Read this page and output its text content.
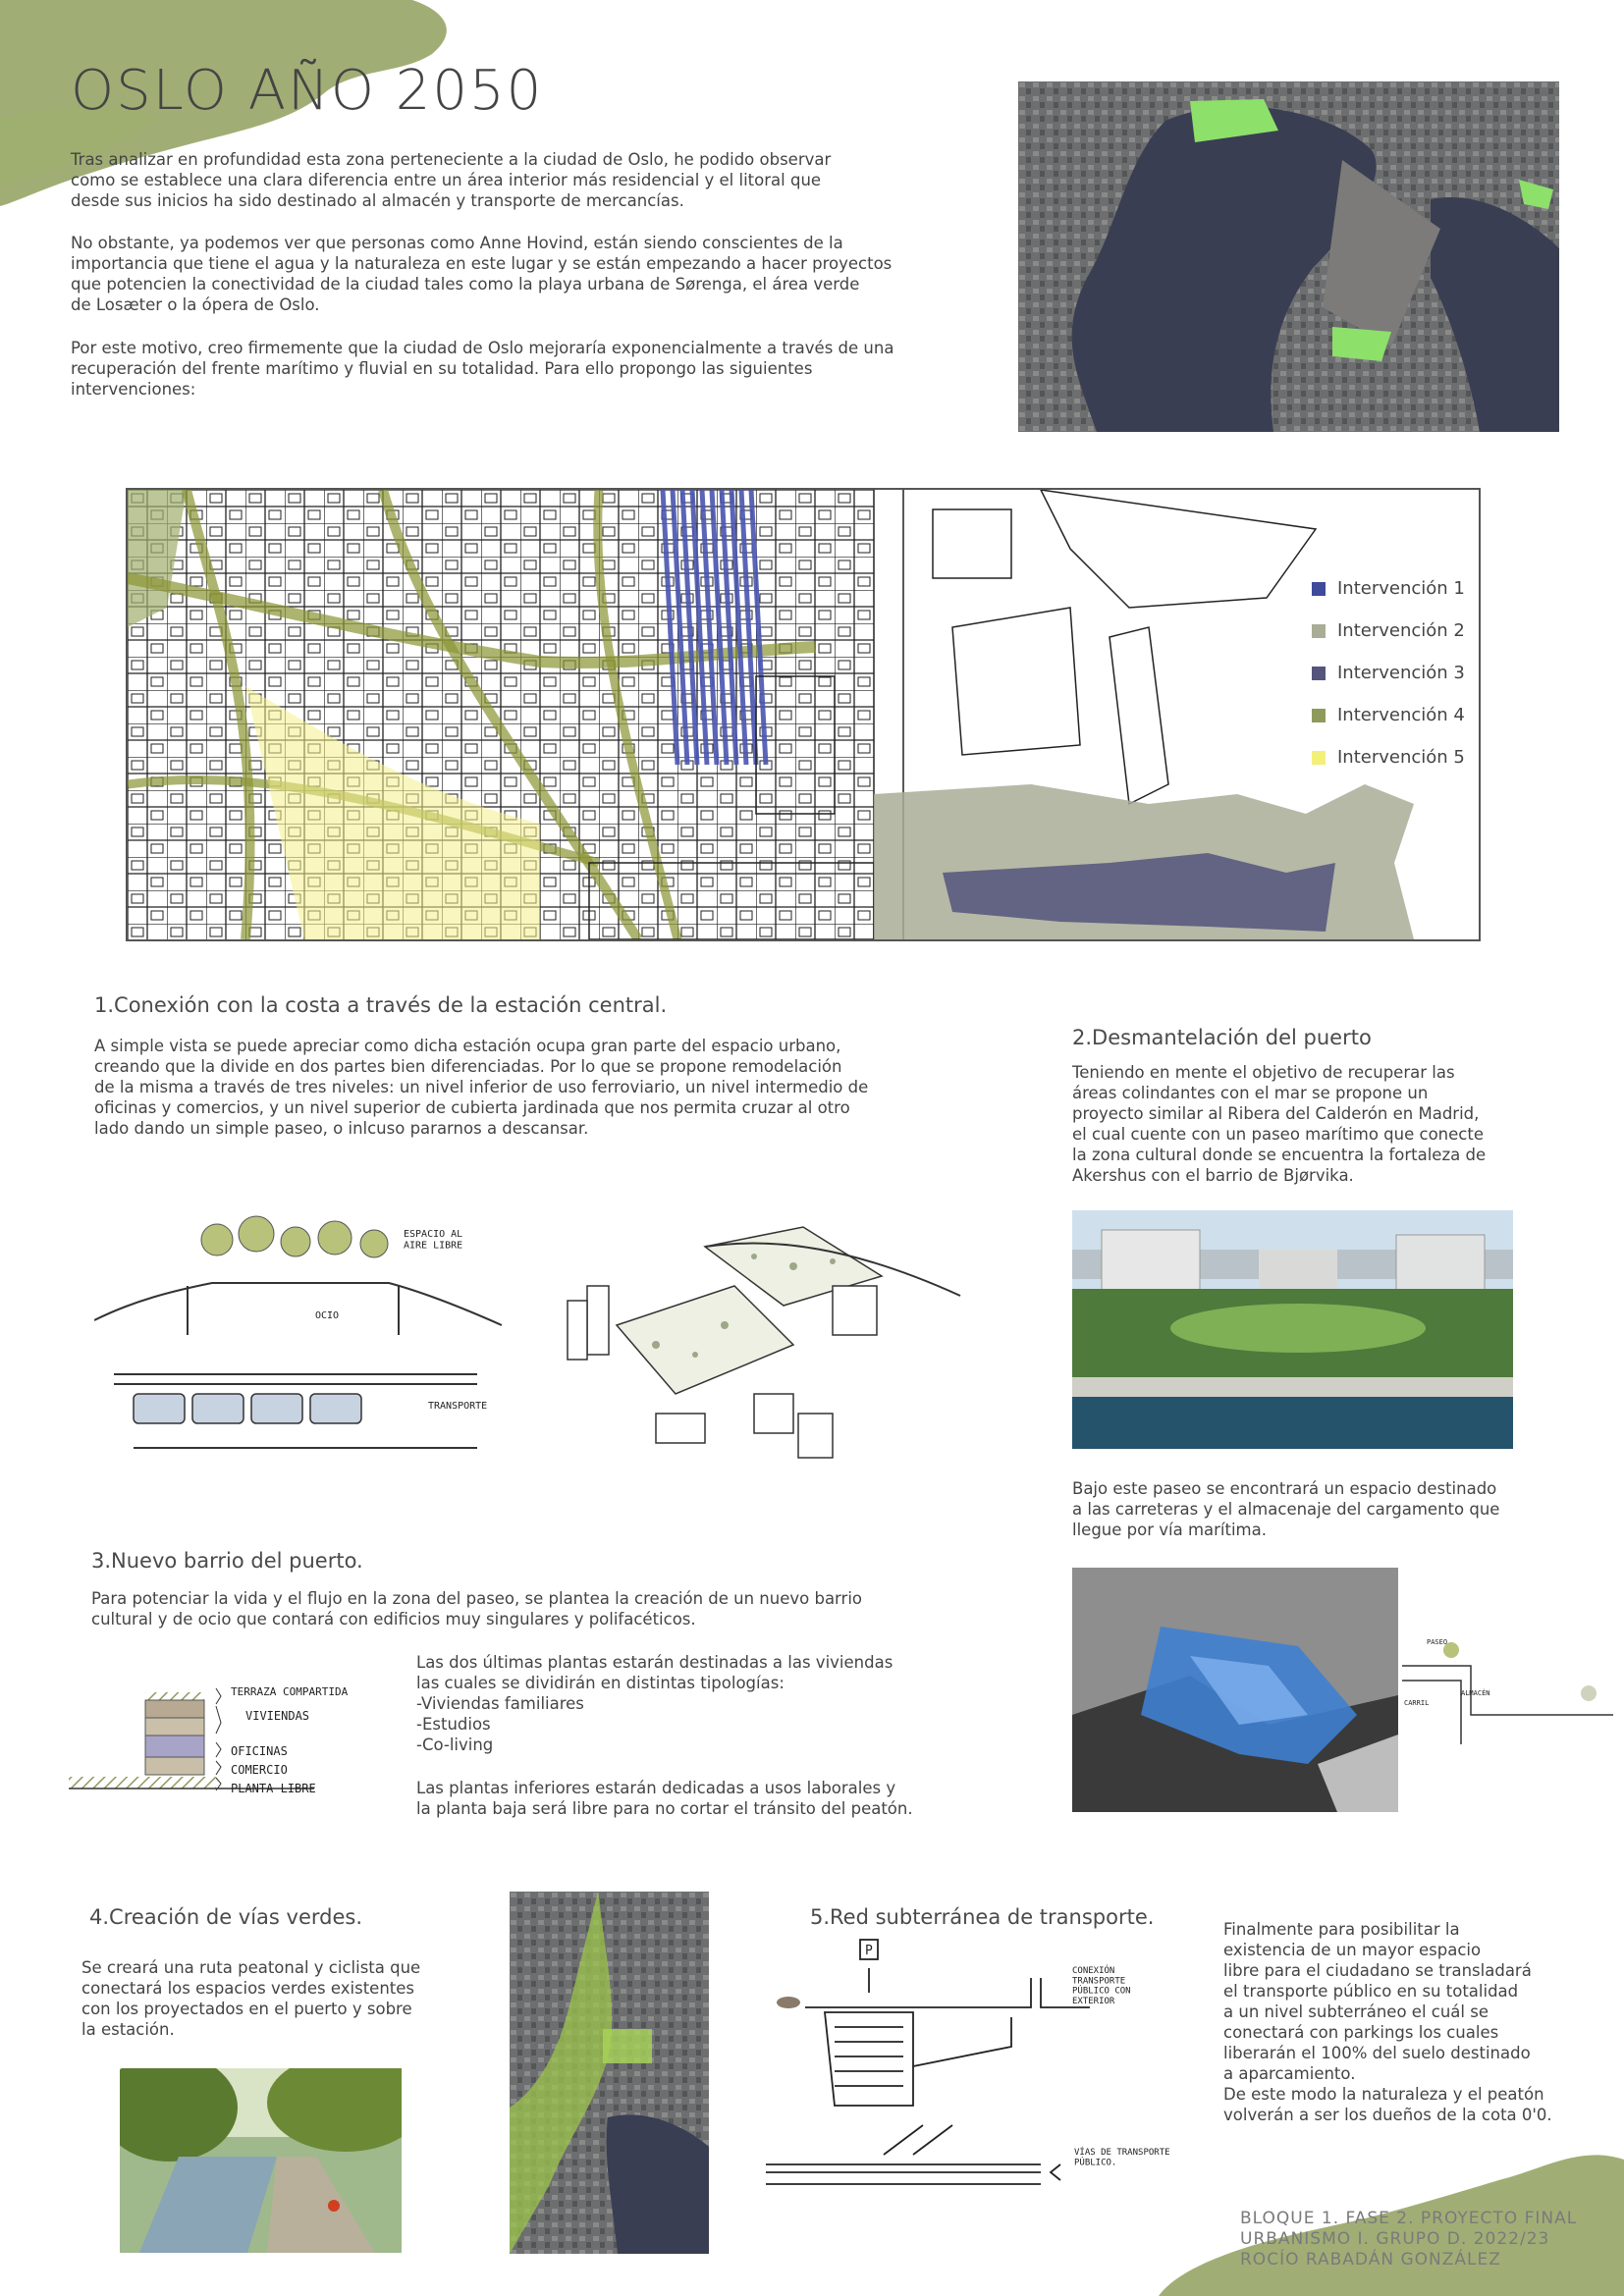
OSLO AÑO 2050

Tras analizar en profundidad esta zona perteneciente a la ciudad de Oslo, he podido observar
como se establece una clara diferencia entre un área interior más residencial y el litoral que
desde sus inicios ha sido destinado al almacén y transporte de mercancías.

No obstante, ya podemos ver que personas como Anne Hovind, están siendo conscientes de la
importancia que tiene el agua y la naturaleza en este lugar y se están empezando a hacer proyectos
que potencien la conectividad de la ciudad tales como la playa urbana de Sørenga, el área verde
de Losæter o la ópera de Oslo.

Por este motivo, creo firmemente que la ciudad de Oslo mejoraría exponencialmente a través de una
recuperación del frente marítimo y fluvial en su totalidad. Para ello propongo las siguientes
intervenciones:

Intervención 1
Intervención 2
Intervención 3
Intervención 4
Intervención 5
1.Conexión con la costa a través de la estación central.

A simple vista se puede apreciar como dicha estación ocupa gran parte del espacio urbano,
creando que la divide en dos partes bien diferenciadas. Por lo que se propone remodelación
de la misma a través de tres niveles: un nivel inferior de uso ferroviario, un nivel intermedio de
oficinas y comercios, y un nivel superior de cubierta jardinada que nos permita cruzar al otro
lado dando un simple paseo, o inlcuso pararnos a descansar.

ESPACIO AL AIRE LIBRE
OCIO
TRANSPORTE
2.Desmantelación del puerto

Teniendo en mente el objetivo de recuperar las
áreas colindantes con el mar se propone un
proyecto similar al Ribera del Calderón en Madrid,
el cual cuente con un paseo marítimo que conecte
la zona cultural donde se encuentra la fortaleza de
Akershus con el barrio de Bjørvika.

Bajo este paseo se encontrará un espacio destinado
a las carreteras y el almacenaje del cargamento que
llegue por vía marítima.

PASEO
CARRIL
ALMACÉN
3.Nuevo barrio del puerto.

Para potenciar la vida y el flujo en la zona del paseo, se plantea la creación de un nuevo barrio
cultural y de ocio que contará con edificios muy singulares y polifacéticos.

TERRAZA COMPARTIDA
VIVIENDAS
OFICINAS
COMERCIO
PLANTA LIBRE

Las dos últimas plantas estarán destinadas a las viviendas
las cuales se dividirán en distintas tipologías:
-Viviendas familiares
-Estudios
-Co-living

Las plantas inferiores estarán dedicadas a usos laborales y
la planta baja será libre para no cortar el tránsito del peatón.

4.Creación de vías verdes.

Se creará una ruta peatonal y ciclista que
conectará los espacios verdes existentes
con los proyectados en el puerto y sobre
la estación.

5.Red subterránea de transporte.

Finalmente para posibilitar la
existencia de un mayor espacio
libre para el ciudadano se transladará
el transporte público en su totalidad
a un nivel subterráneo el cuál se
conectará con parkings los cuales
liberarán el 100% del suelo destinado
a aparcamiento.
De este modo la naturaleza y el peatón
volverán a ser los dueños de la cota 0'0.

P
CONEXIÓN TRANSPORTE PÚBLICO CON EXTERIOR
VÍAS DE TRANSPORTE PÚBLICO.
BLOQUE 1. FASE 2. PROYECTO FINAL
URBANISMO I. GRUPO D. 2022/23
ROCÍO RABADÁN GONZÁLEZ
